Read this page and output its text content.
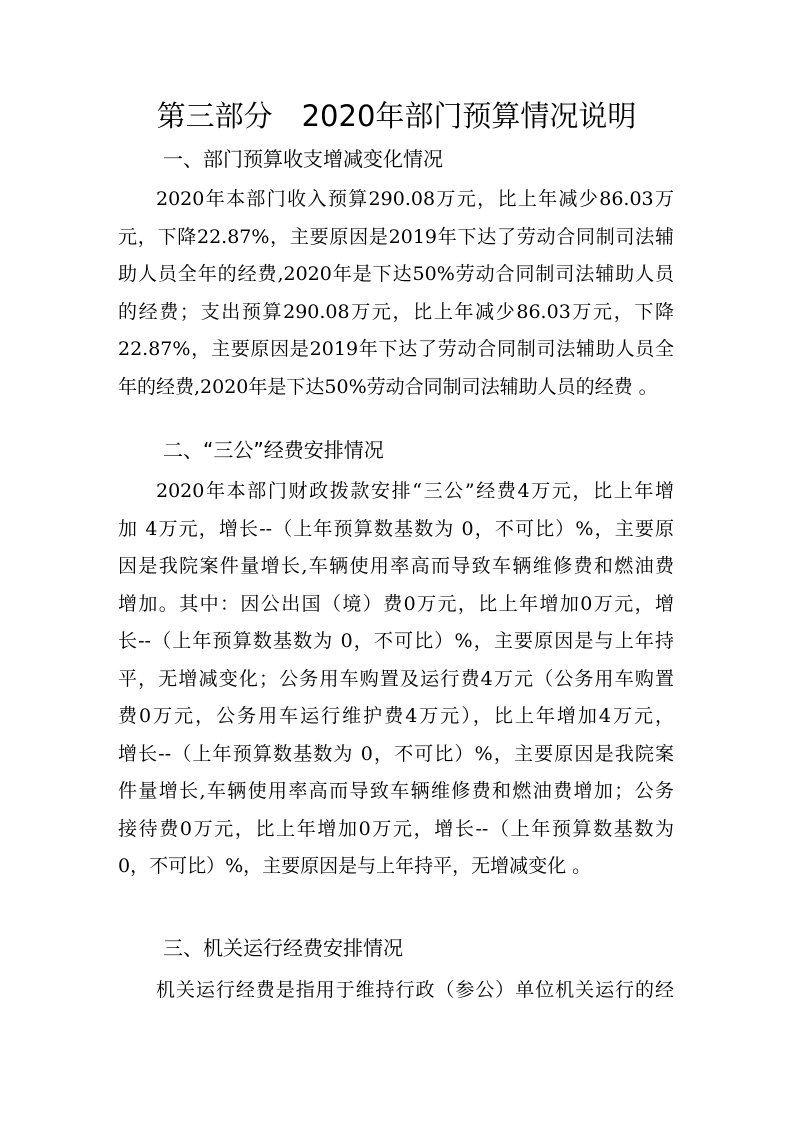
第三部分　2020年部门预算情况说明
一、部门预算收支增减变化情况
2020年本部门收入预算290.08万元，比上年减少86.03万
元，下降22.87%，主要原因是2019年下达了劳动合同制司法辅
助人员全年的经费,2020年是下达50%劳动合同制司法辅助人员
的经费；支出预算290.08万元，比上年减少86.03万元，下降
22.87%，主要原因是2019年下达了劳动合同制司法辅助人员全
年的经费,2020年是下达50%劳动合同制司法辅助人员的经费 。
二、“三公”经费安排情况
2020年本部门财政拨款安排“三公”经费4万元，比上年增
加 4万元，增长--（上年预算数基数为 0，不可比）%，主要原
因是我院案件量增长,车辆使用率高而导致车辆维修费和燃油费
增加。其中：因公出国（境）费0万元，比上年增加0万元，增
长--（上年预算数基数为 0，不可比）%，主要原因是与上年持
平，无增减变化；公务用车购置及运行费4万元（公务用车购置
费0万元，公务用车运行维护费4万元），比上年增加4万元，
增长--（上年预算数基数为 0，不可比）%，主要原因是我院案
件量增长,车辆使用率高而导致车辆维修费和燃油费增加；公务
接待费0万元，比上年增加0万元，增长--（上年预算数基数为
0，不可比）%，主要原因是与上年持平，无增减变化 。
三、机关运行经费安排情况
机关运行经费是指用于维持行政（参公）单位机关运行的经
